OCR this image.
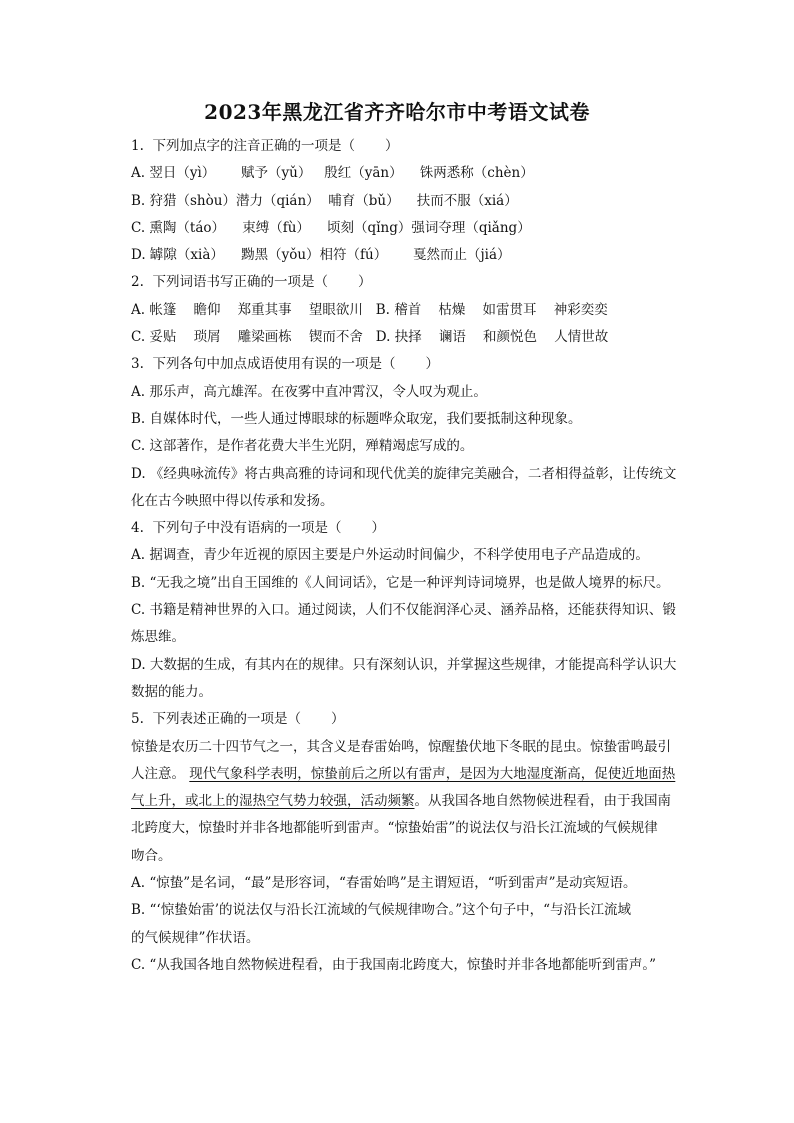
2023年黑龙江省齐齐哈尔市中考语文试卷
1.  下列加点字的注音正确的一项是（       ）
A. 翌日（yì）      赋予（yǔ）   殷红（yān）    铢两悉称（chèn）
B. 狩猎（shòu）潜力（qián）  哺育（bǔ）    扶而不服（xiá）
C. 熏陶（táo）    束缚（fù）    顷刻（qǐng）强词夺理（qiǎng）
D. 罅隙（xià）    黝黑（yǒu）相符（fú）      戛然而止（jiá）
2.  下列词语书写正确的一项是（       ）
A. 帐篷    瞻仰    郑重其事    望眼欲川   B. 稽首    枯燥    如雷贯耳    神彩奕奕
C. 妥贴    琐屑    雕梁画栋    锲而不舍   D. 抉择    谰语    和颜悦色    人情世故
3.  下列各句中加点成语使用有误的一项是（       ）
A. 那乐声，高亢雄浑。在夜雾中直冲霄汉，令人叹为观止。
B. 自媒体时代，一些人通过博眼球的标题哗众取宠，我们要抵制这种现象。
C. 这部著作，是作者花费大半生光阴，殚精竭虑写成的。
D. 《经典咏流传》将古典高雅的诗词和现代优美的旋律完美融合，二者相得益彰，让传统文
化在古今映照中得以传承和发扬。
4.  下列句子中没有语病的一项是（       ）
A. 据调查，青少年近视的原因主要是户外运动时间偏少，不科学使用电子产品造成的。
B. “无我之境”出自王国维的《人间词话》，它是一种评判诗词境界，也是做人境界的标尺。
C. 书籍是精神世界的入口。通过阅读，人们不仅能润泽心灵、涵养品格，还能获得知识、锻
炼思维。
D. 大数据的生成，有其内在的规律。只有深刻认识，并掌握这些规律，才能提高科学认识大
数据的能力。
5.  下列表述正确的一项是（       ）
惊蛰是农历二十四节气之一，其含义是春雷始鸣，惊醒蛰伏地下冬眠的昆虫。惊蛰雷鸣最引
人注意。 现代气象科学表明，惊蛰前后之所以有雷声，是因为大地湿度渐高，促使近地面热
气上升，或北上的湿热空气势力较强，活动频繁。从我国各地自然物候进程看，由于我国南
北跨度大，惊蛰时并非各地都能听到雷声。“惊蛰始雷”的说法仅与沿长江流域的气候规律
吻合。
A. “惊蛰”是名词，“最”是形容词，“春雷始鸣”是主谓短语，“听到雷声”是动宾短语。
B. “‘惊蛰始雷’的说法仅与沿长江流域的气候规律吻合。”这个句子中，“与沿长江流域
的气候规律”作状语。
C. “从我国各地自然物候进程看，由于我国南北跨度大，惊蛰时并非各地都能听到雷声。”
